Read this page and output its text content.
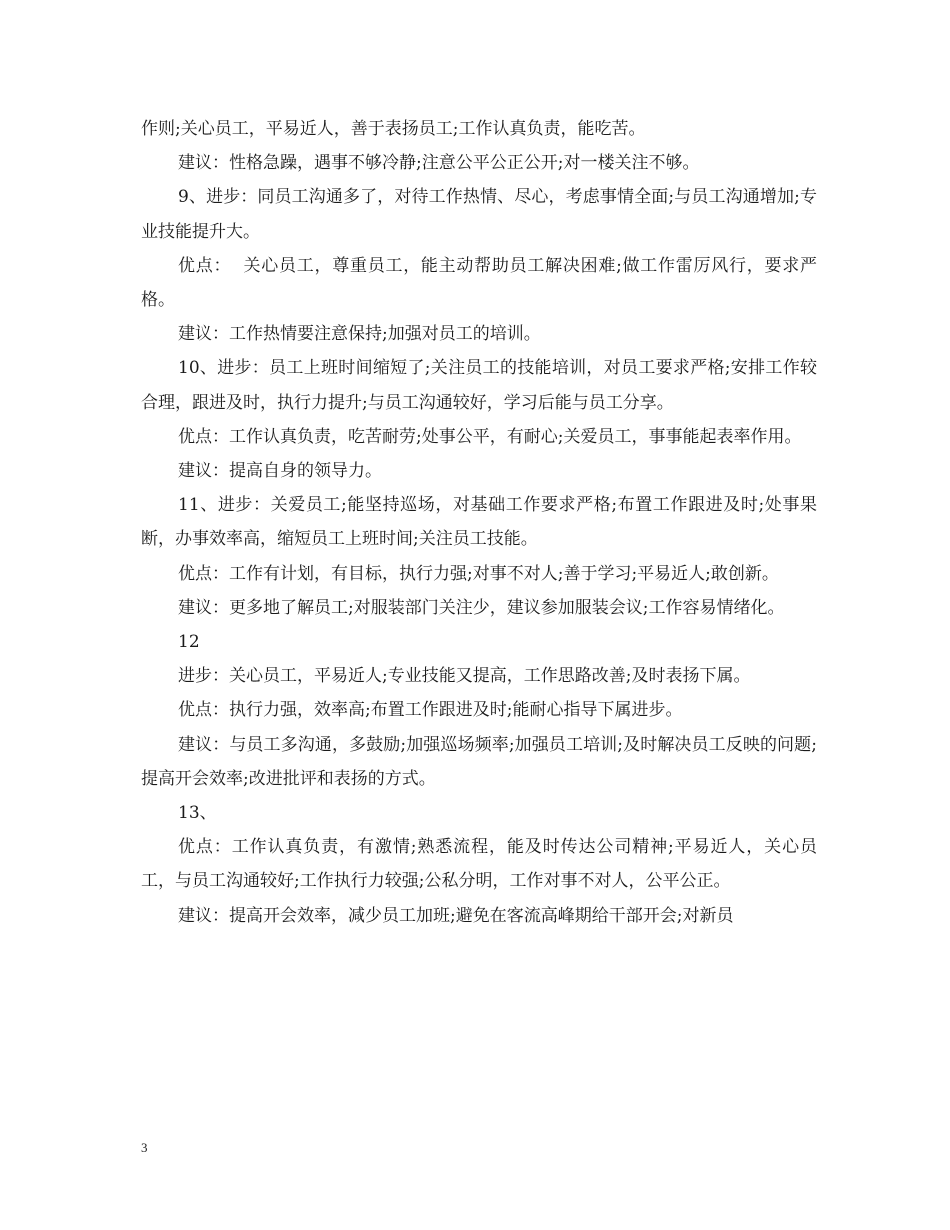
作则;关心员工，平易近人，善于表扬员工;工作认真负责，能吃苦。

建议：性格急躁，遇事不够冷静;注意公平公正公开;对一楼关注不够。

9、进步：同员工沟通多了，对待工作热情、尽心，考虑事情全面;与员工沟通增加;专业技能提升大。

优点：  关心员工，尊重员工，能主动帮助员工解决困难;做工作雷厉风行，要求严格。

建议：工作热情要注意保持;加强对员工的培训。

10、进步：员工上班时间缩短了;关注员工的技能培训，对员工要求严格;安排工作较合理，跟进及时，执行力提升;与员工沟通较好，学习后能与员工分享。

优点：工作认真负责，吃苦耐劳;处事公平，有耐心;关爱员工，事事能起表率作用。

建议：提高自身的领导力。

11、进步：关爱员工;能坚持巡场，对基础工作要求严格;布置工作跟进及时;处事果断，办事效率高，缩短员工上班时间;关注员工技能。

优点：工作有计划，有目标，执行力强;对事不对人;善于学习;平易近人;敢创新。

建议：更多地了解员工;对服装部门关注少，建议参加服装会议;工作容易情绪化。

12

进步：关心员工，平易近人;专业技能又提高，工作思路改善;及时表扬下属。

优点：执行力强，效率高;布置工作跟进及时;能耐心指导下属进步。

建议：与员工多沟通，多鼓励;加强巡场频率;加强员工培训;及时解决员工反映的问题;提高开会效率;改进批评和表扬的方式。

13、

优点：工作认真负责，有激情;熟悉流程，能及时传达公司精神;平易近人，关心员工，与员工沟通较好;工作执行力较强;公私分明，工作对事不对人，公平公正。

建议：提高开会效率，减少员工加班;避免在客流高峰期给干部开会;对新员

3
